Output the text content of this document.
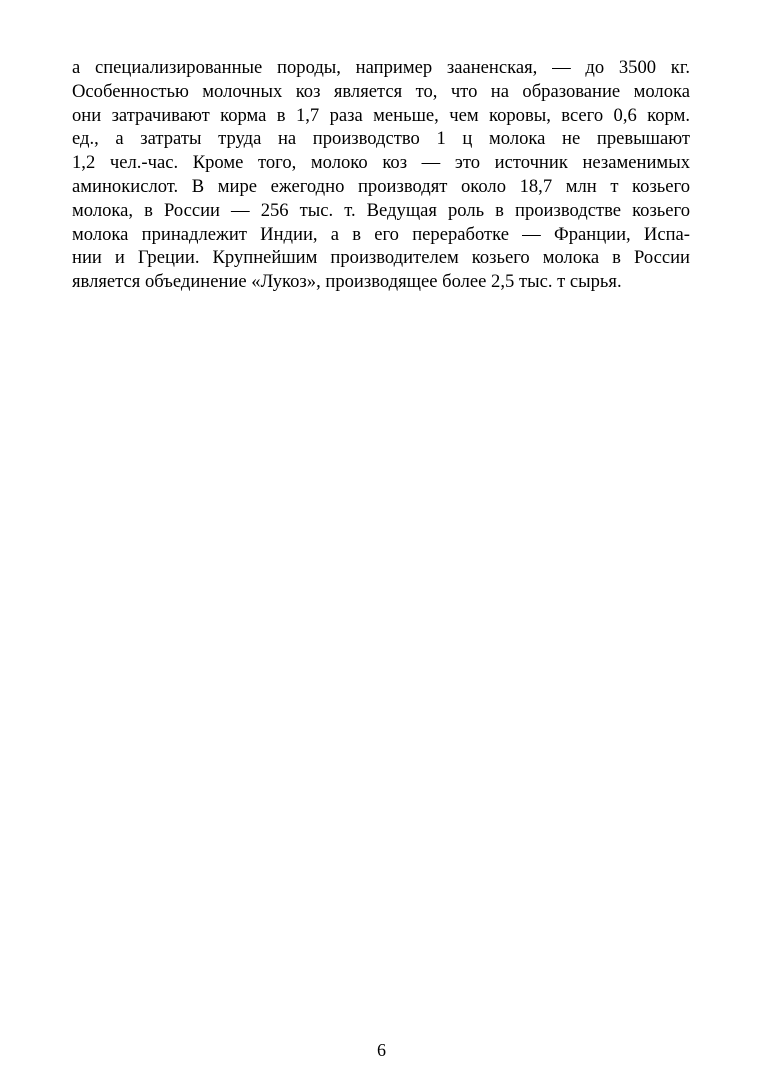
а специализированные породы, например зааненская, — до 3500 кг.
Особенностью молочных коз является то, что на образование молока
они затрачивают корма в 1,7 раза меньше, чем коровы, всего 0,6 корм.
ед., а затраты труда на производство 1 ц молока не превышают
1,2 чел.-час. Кроме того, молоко коз — это источник незаменимых
аминокислот. В мире ежегодно производят около 18,7 млн т козьего
молока, в России — 256 тыс. т. Ведущая роль в производстве козьего
молока принадлежит Индии, а в его переработке — Франции, Испа-
нии и Греции. Крупнейшим производителем козьего молока в России
является объединение «Лукоз», производящее более 2,5 тыс. т сырья.
6
